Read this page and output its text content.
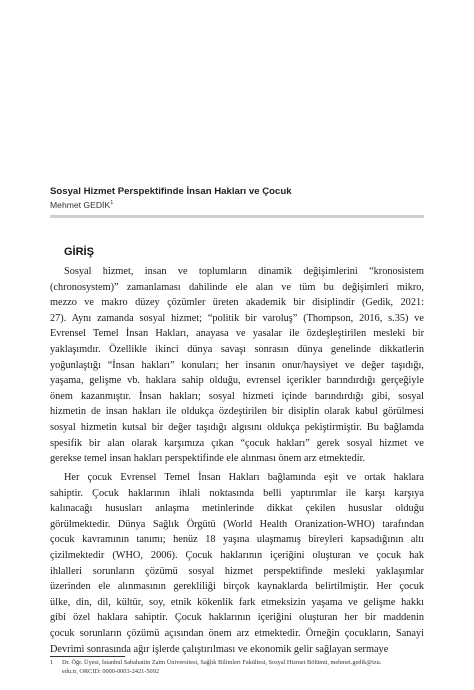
Sosyal Hizmet Perspektifinde İnsan Hakları ve Çocuk
Mehmet GEDİK$^1$
GİRİŞ
Sosyal hizmet, insan ve toplumların dinamik değişimlerini “kronosistem
(chronosystem)” zamanlaması dahilinde ele alan ve tüm bu değişimleri mikro,
mezzo ve makro düzey çözümler üreten akademik bir disiplindir (Gedik, 2021:
27). Aynı zamanda sosyal hizmet; “politik bir varoluş” (Thompson, 2016, s.35) ve
Evrensel Temel İnsan Hakları, anayasa ve yasalar ile özdeşleştirilen mesleki bir
yaklaşımdır. Özellikle ikinci dünya savaşı sonrasın dünya genelinde dikkatlerin
yoğunlaştığı “İnsan hakları” konuları; her insanın onur/haysiyet ve değer taşıdığı,
yaşama, gelişme vb. haklara sahip olduğu, evrensel içerikler barındırdığı gerçeğiyle
önem kazanmıştır. İnsan hakları; sosyal hizmeti içinde barındırdığı gibi, sosyal
hizmetin de insan hakları ile oldukça özdeştirilen bir disiplin olarak kabul görülmesi
sosyal hizmetin kutsal bir değer taşıdığı algısını oldukça pekiştirmiştir. Bu bağlamda
spesifik bir alan olarak karşımıza çıkan “çocuk hakları” gerek sosyal hizmet ve
gerekse temel insan hakları perspektifinde ele alınması önem arz etmektedir.
Her çocuk Evrensel Temel İnsan Hakları bağlamında eşit ve ortak haklara
sahiptir. Çocuk haklarının ihlali noktasında belli yaptırımlar ile karşı karşıya
kalınacağı hususları anlaşma metinlerinde dikkat çekilen hususlar olduğu
görülmektedir. Dünya Sağlık Örgütü (World Health Oranization-WHO) tarafından
çocuk kavramının tanımı; henüz 18 yaşına ulaşmamış bireyleri kapsadığının altı
çizilmektedir (WHO, 2006). Çocuk haklarının içeriğini oluşturan ve çocuk hak
ihlalleri sorunların çözümü sosyal hizmet perspektifinde mesleki yaklaşımlar
üzerinden ele alınmasının gerekliliği birçok kaynaklarda belirtilmiştir. Her çocuk
ülke, din, dil, kültür, soy, etnik kökenlik fark etmeksizin yaşama ve gelişme hakkı
gibi özel haklara sahiptir. Çocuk haklarının içeriğini oluşturan her bir maddenin
çocuk sorunların çözümü açısından önem arz etmektedir. Örneğin çocukların, Sanayi
Devrimi sonrasında ağır işlerde çalıştırılması ve ekonomik gelir sağlayan sermaye
1 Dr. Öğr. Üyesi, İstanbul Sabahattin Zaim Üniversitesi, Sağlık Bilimleri Fakültesi, Sosyal Hizmet Bölümü, mehmet.gedik@izu.
edu.tr, ORCID: 0000-0003-2421-5092
